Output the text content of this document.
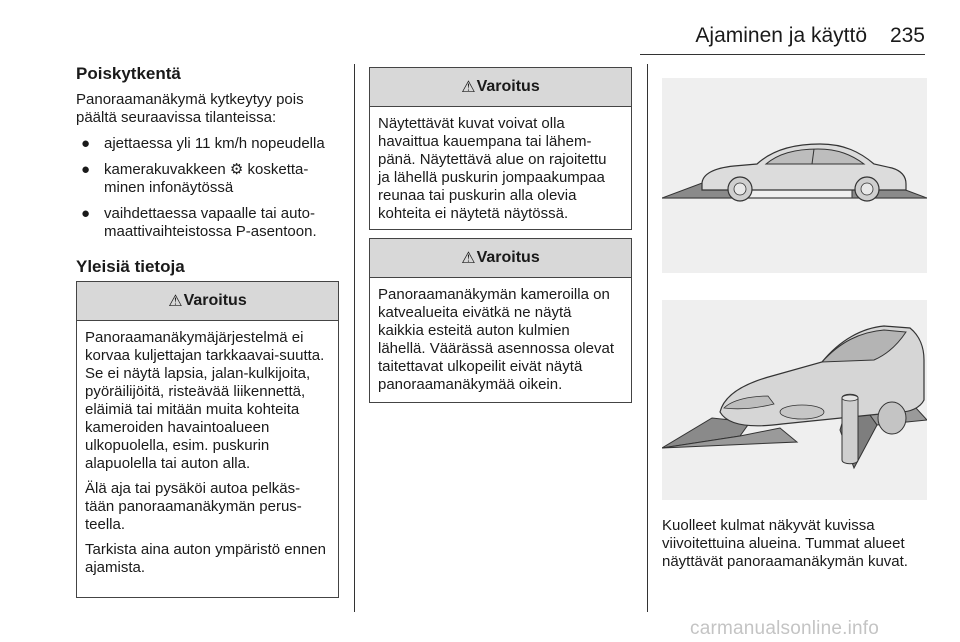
Ajaminen ja käyttö 235
Poiskytkentä

Panoraamanäkymä kytkeytyy pois päältä seuraavissa tilanteissa:

● ajettaessa yli 11 km/h nopeudella
● kamerakuvakkeen ⚙ kosketta-minen infonäytössä
● vaihdettaessa vapaalle tai auto-maattivaihteistossa P-asentoon.
Yleisiä tietoja
⚠ Varoitus

Panoraamanäkymäjärjestelmä ei korvaa kuljettajan tarkkaavai-suutta. Se ei näytä lapsia, jalan-kulkijoita, pyöräilijöitä, risteävää liikennettä, eläimiä tai mitään muita kohteita kameroiden havaintoalueen ulkopuolella, esim. puskurin alapuolella tai auton alla.

Älä aja tai pysäköi autoa pelkäs-tään panoraamanäkymän perus-teella.

Tarkista aina auton ympäristö ennen ajamista.

⚠ Varoitus

Näytettävät kuvat voivat olla havaittua kauempana tai lähem-pänä. Näytettävä alue on rajoitettu ja lähellä puskurin jompaakumpaa reunaa tai puskurin alla olevia kohteita ei näytetä näytössä.

⚠ Varoitus

Panoraamanäkymän kameroilla on katvealueita eivätkä ne näytä kaikkia esteitä auton kulmien lähellä. Väärässä asennossa olevat taitettavat ulkopeilit eivät näytä panoraamanäkymää oikein.

Kuolleet kulmat näkyvät kuvissa viivoitettuina alueina. Tummat alueet näyttävät panoraamanäkymän kuvat.
carmanualsonline.info
